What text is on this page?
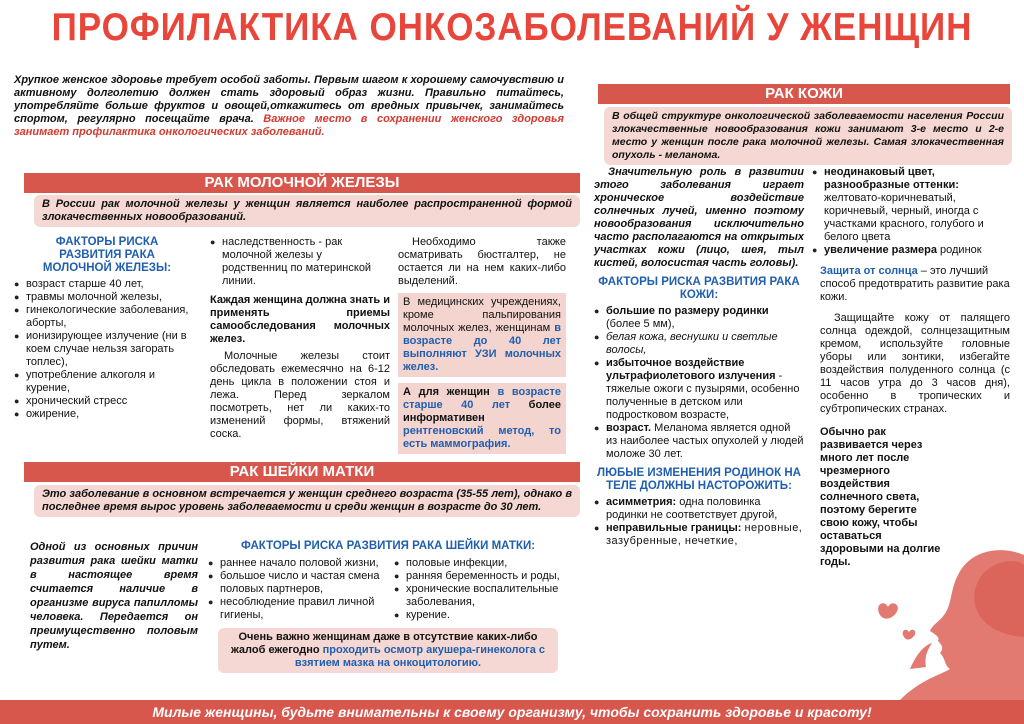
ПРОФИЛАКТИКА ОНКОЗАБОЛЕВАНИЙ У ЖЕНЩИН
Хрупкое женское здоровье требует особой заботы. Первым шагом к хорошему самочувствию и активному долголетию должен стать здоровый образ жизни. Правильно питайтесь, употребляйте больше фруктов и овощей,откажитесь от вредных привычек, занимайтесь спортом, регулярно посещайте врача. Важное место в сохранении женского здоровья занимает профилактика онкологических заболеваний.
РАК МОЛОЧНОЙ ЖЕЛЕЗЫ
В России рак молочной железы у женщин является наиболее распространенной формой злокачественных новообразований.
ФАКТОРЫ РИСКА РАЗВИТИЯ РАКА МОЛОЧНОЙ ЖЕЛЕЗЫ:
● возраст старше 40 лет,
● травмы молочной железы,
● гинекологические заболевания, аборты,
● ионизирующее излучение (ни в коем случае нельзя загорать топлес),
● употребление алкоголя и курение,
● хронический стресс
● ожирение,
● наследственность - рак молочной железы у родственниц по материнской линии.

Каждая женщина должна знать и применять приемы самообследования молочных желез.

Молочные железы стоит обследовать ежемесячно на 6-12 день цикла в положении стоя и лежа. Перед зеркалом посмотреть, нет ли каких-то изменений формы, втяжений соска.

Необходимо также осматривать бюстгалтер, не остается ли на нем каких-либо выделений.

В медицинских учреждениях, кроме пальпирования молочных желез, женщинам в возрасте до 40 лет выполняют УЗИ молочных желез.
А для женщин в возрасте старше 40 лет более информативен рентгеновский метод, то есть маммография.
РАК ШЕЙКИ МАТКИ
Это заболевание в основном встречается у женщин среднего возраста (35-55 лет), однако в последнее время вырос уровень заболеваемости и среди женщин в возрасте до 30 лет.
Одной из основных причин развития рака шейки матки в настоящее время считается наличие в организме вируса папилломы человека. Передается он преимущественно половым путем.
ФАКТОРЫ РИСКА РАЗВИТИЯ РАКА ШЕЙКИ МАТКИ:
● раннее начало половой жизни,
● большое число и частая смена половых партнеров,
● несоблюдение правил личной гигиены,
● половые инфекции,
● ранняя беременность и роды,
● хронические воспалительные заболевания,
● курение.
Очень важно женщинам даже в отсутствие каких-либо жалоб ежегодно проходить осмотр акушера-гинеколога с взятием мазка на онкоцитологию.
РАК КОЖИ
В общей структуре онкологической заболеваемости населения России злокачественные новообразования кожи занимают 3-е место и 2-е место у женщин после рака молочной железы. Самая злокачественная опухоль - меланома.

Значительную роль в развитии этого заболевания играет хроническое воздействие солнечных лучей, именно поэтому новообразования исключительно часто располагаются на открытых участках кожи (лицо, шея, тыл кистей, волосистая часть головы).

ФАКТОРЫ РИСКА РАЗВИТИЯ РАКА КОЖИ:
● большие по размеру родинки (более 5 мм),
● белая кожа, веснушки и светлые волосы,
● избыточное воздействие ультрафиолетового излучения - тяжелые ожоги с пузырями, особенно полученные в детском или подростковом возрасте,
● возраст. Меланома является одной из наиболее частых опухолей у людей моложе 30 лет.
ЛЮБЫЕ ИЗМЕНЕНИЯ РОДИНОК НА ТЕЛЕ ДОЛЖНЫ НАСТОРОЖИТЬ:
● асимметрия: одна половинка родинки не соответствует другой,
● неправильные границы: неровные, зазубренные, нечеткие,
● неодинаковый цвет, разнообразные оттенки: желтовато-коричневатый, коричневый, черный, иногда с участками красного, голубого и белого цвета
● увеличение размера родинок

Защита от солнца – это лучший способ предотвратить развитие рака кожи.

Защищайте кожу от палящего солнца одеждой, солнцезащитным кремом, используйте головные уборы или зонтики, избегайте воздействия полуденного солнца (с 11 часов утра до 3 часов дня), особенно в тропических и субтропических странах.

Обычно рак развивается через много лет после чрезмерного воздействия солнечного света, поэтому берегите свою кожу, чтобы оставаться здоровыми на долгие годы.

Милые женщины, будьте внимательны к своему организму, чтобы сохранить здоровье и красоту!
